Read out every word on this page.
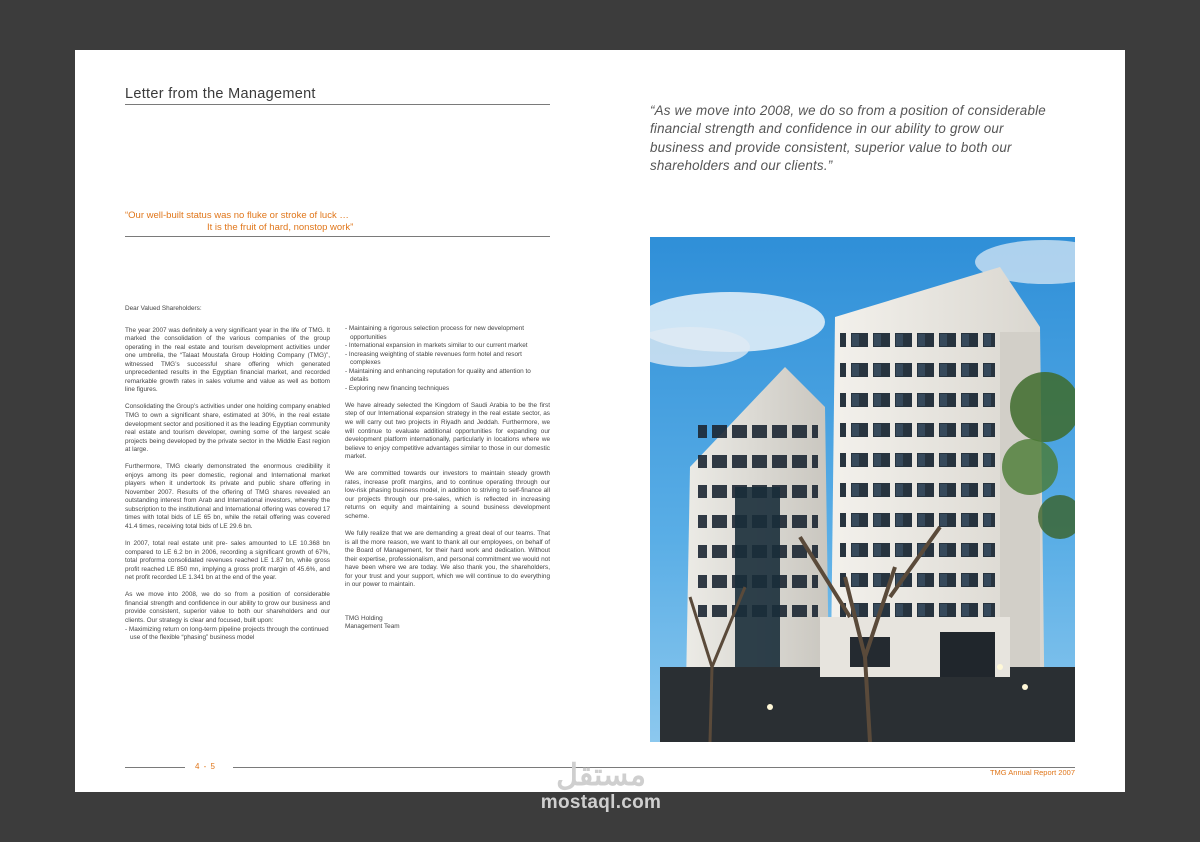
Letter from the Management
“Our well-built status was no fluke or stroke of luck …
It is the fruit of hard, nonstop work”

Dear Valued Shareholders:

The year 2007 was definitely a very significant year in the life of TMG. It marked the consolidation of the various companies of the group operating in the real estate and tourism development activities under one umbrella, the “Talaat Moustafa Group Holding Company (TMG)”, witnessed TMG’s successful share offering which generated unprecedented results in the Egyptian financial market, and recorded remarkable growth rates in sales volume and value as well as bottom line figures.

Consolidating the Group’s activities under one holding company enabled TMG to own a significant share, estimated at 30%, in the real estate development sector and positioned it as the leading Egyptian community real estate and tourism developer, owning some of the largest scale projects being developed by the private sector in the Middle East region at large.

Furthermore, TMG clearly demonstrated the enormous credibility it enjoys among its peer domestic, regional and International market players when it undertook its private and public share offering in November 2007. Results of the offering of TMG shares revealed an outstanding interest from Arab and International investors, whereby the subscription to the institutional and International offering was covered 17 times with total bids of LE 65 bn, while the retail offering was covered 41.4 times, receiving total bids of LE 29.6 bn.

In 2007, total real estate unit pre- sales amounted to LE 10.368 bn compared to LE 6.2 bn in 2006, recording a significant growth of 67%, total proforma consolidated revenues reached LE 1.87 bn, while gross profit reached LE 850 mn, implying a gross profit margin of 45.6%, and net profit recorded LE 1.341 bn at the end of the year.

As we move into 2008, we do so from a position of considerable financial strength and confidence in our ability to grow our business and provide consistent, superior value to both our shareholders and our clients. Our strategy is clear and focused, built upon:

- Maximizing return on long-term pipeline projects through the continued use of the flexible “phasing” business model
- Maintaining a rigorous selection process for new development opportunities
- International expansion in markets similar to our current market
- Increasing weighting of stable revenues form hotel and resort complexes
- Maintaining and enhancing reputation for quality and attention to details
- Exploring new financing techniques

We have already selected the Kingdom of Saudi Arabia to be the first step of our International expansion strategy in the real estate sector, as we will carry out two projects in Riyadh and Jeddah. Furthermore, we will continue to evaluate additional opportunities for expanding our development platform internationally, particularly in locations where we believe to enjoy competitive advantages similar to those in our domestic market.

We are committed towards our investors to maintain steady growth rates, increase profit margins, and to continue operating through our low-risk phasing business model, in addition to striving to self-finance all our projects through our pre-sales, which is reflected in increasing returns on equity and maintaining a sound business development scheme.

We fully realize that we are demanding a great deal of our teams. That is all the more reason, we want to thank all our employees, on behalf of the Board of Management, for their hard work and dedication. Without their expertise, professionalism, and personal commitment we would not have been where we are today. We also thank you, the shareholders, for your trust and your support, which we will continue to do everything in our power to maintain.

TMG Holding
Management Team
“As we move into 2008, we do so from a position of considerable financial strength and confidence in our ability to grow our business and provide consistent, superior value to both our shareholders and our clients.”
4 - 5
TMG Annual Report 2007
مستقل
mostaql.com
